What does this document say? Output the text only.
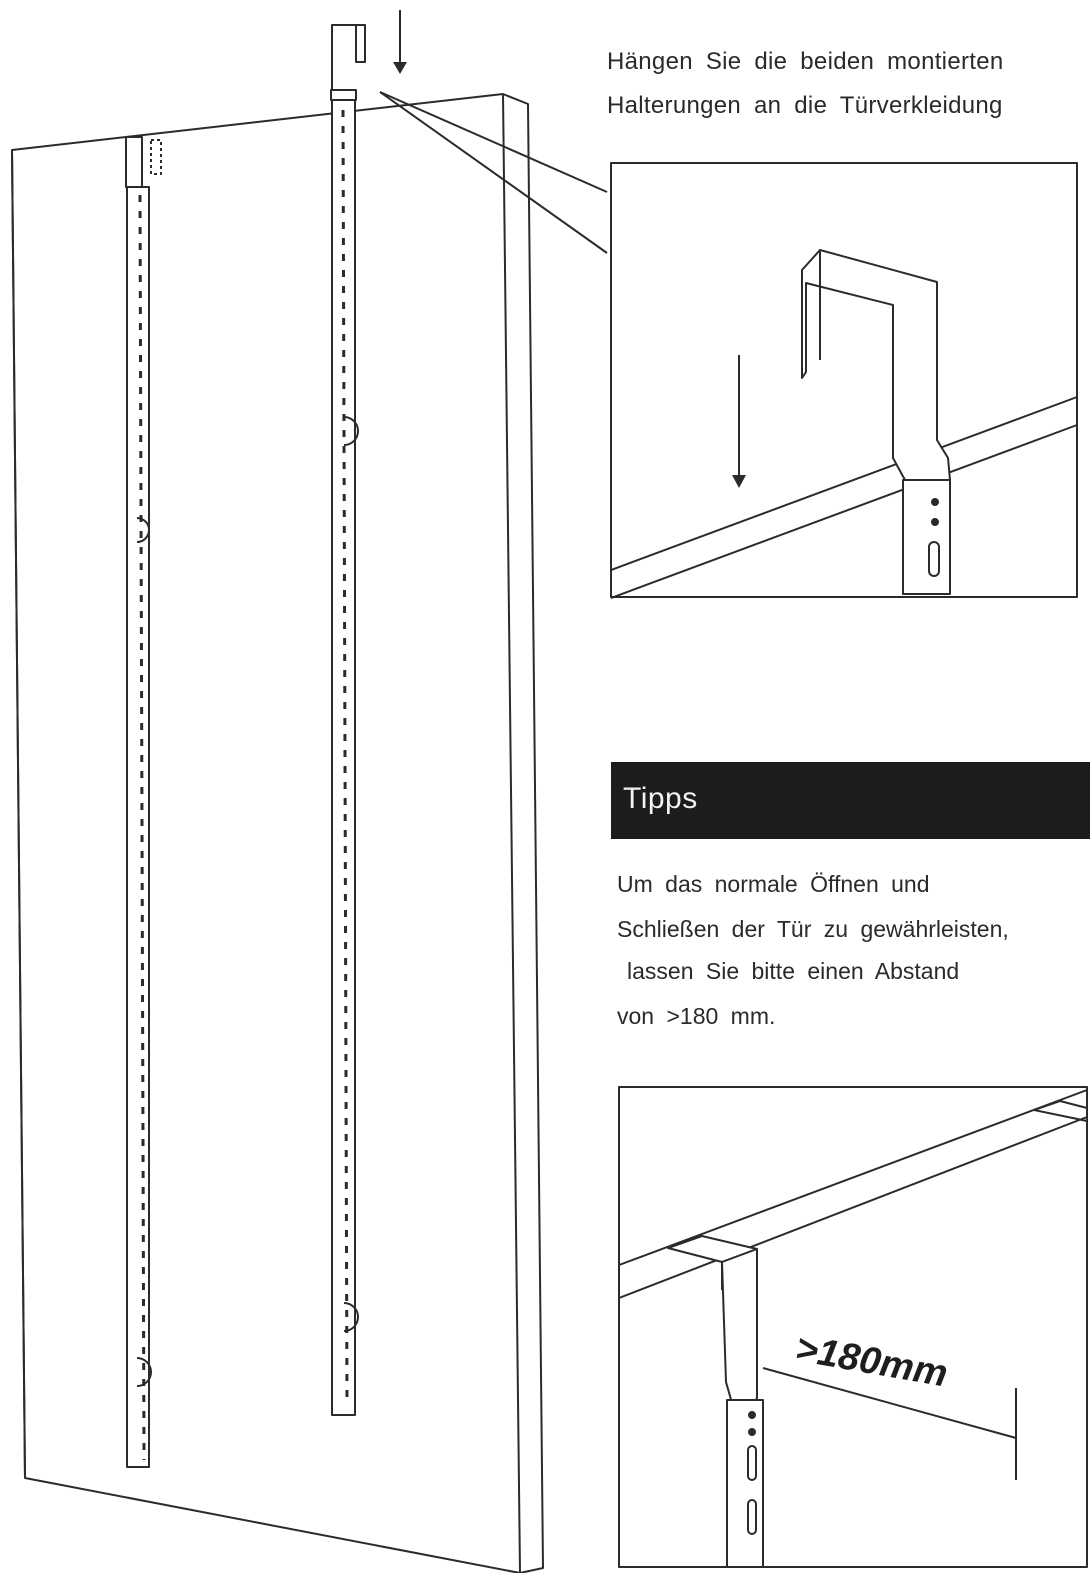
>180mm
Hängen Sie die beiden montierten
Halterungen an die Türverkleidung
Tipps
Um das normale Öffnen und
Schließen der Tür zu gewährleisten,
lassen Sie bitte einen Abstand
von >180 mm.
